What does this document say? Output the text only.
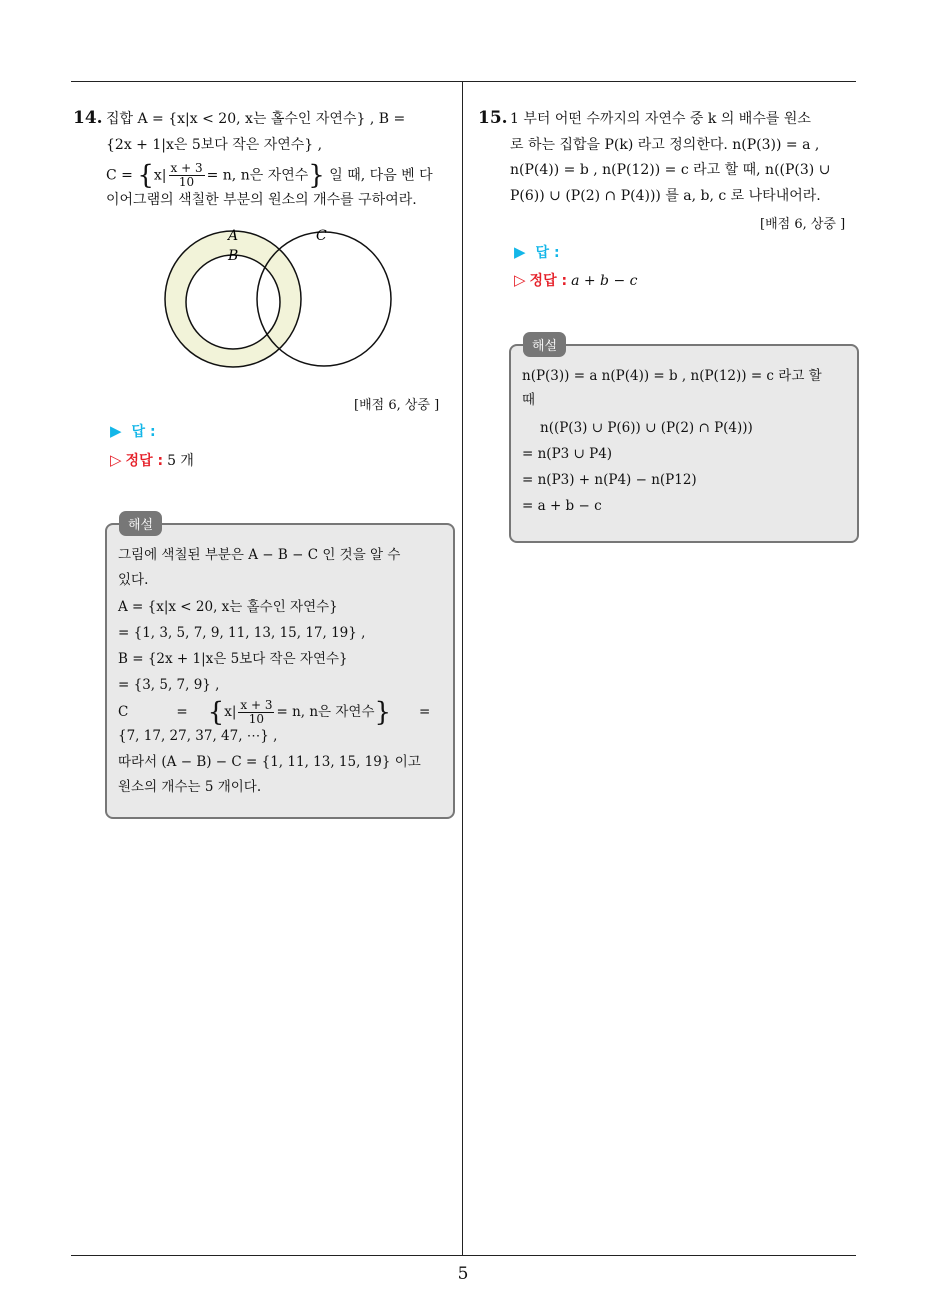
5
14. 집합 A = {x|x < 20, x는 홀수인 자연수} , B =
{2x + 1|x은 5보다 작은 자연수} ,
$C = \{x| \frac{x + 3}{10} = n$, n은 자연수} 일 때, 다음 벤 다
이어그램의 색칠한 부분의 원소의 개수를 구하여라.
A
B
C
[배점 6, 상중 ]
▶ 답 :
▷ 정답 : 5 개
해설
그림에 색칠된 부분은 A − B − C 인 것을 알 수
있다.
A = {x|x < 20, x는 홀수인 자연수}
= {1, 3, 5, 7, 9, 11, 13, 15, 17, 19} ,
B = {2x + 1|x은 5보다 작은 자연수}
= {3, 5, 7, 9} ,
C	= {$x| \frac{x + 3}{10} = n$, n은 자연수} =
{7, 17, 27, 37, 47, ⋯} ,
따라서 (A − B) − C = {1, 11, 13, 15, 19} 이고
원소의 개수는 5 개이다.
15. 1 부터 어떤 수까지의 자연수 중 k 의 배수를 원소
로 하는 집합을 P(k) 라고 정의한다. n(P(3)) = a ,
n(P(4)) = b , n(P(12)) = c 라고 할 때, n((P(3) ∪
P(6)) ∪ (P(2) ∩ P(4))) 를 a, b, c 로 나타내어라.
[배점 6, 상중 ]
▶ 답 :
▷ 정답 : a + b − c
해설
n(P(3)) = a n(P(4)) = b , n(P(12)) = c 라고 할
때
n((P(3) ∪ P(6)) ∪ (P(2) ∩ P(4)))
= n(P3 ∪ P4)
= n(P3) + n(P4) − n(P12)
= a + b − c
